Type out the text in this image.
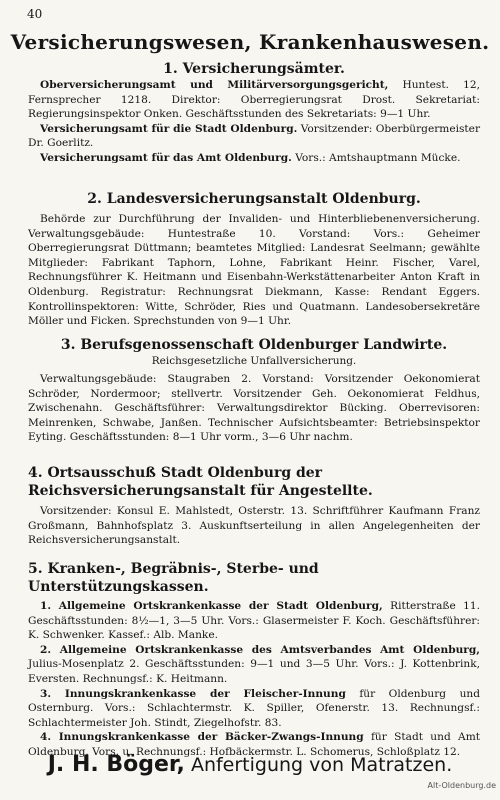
40
Versicherungswesen, Krankenhauswesen.

1. Versicherungsämter.

Oberversicherungsamt und Militärversorgungsgericht, Huntest. 12, Fernsprecher 1218. Direktor: Oberregierungsrat Drost. Sekretariat: Regierungsinspektor Onken. Geschäftsstunden des Sekretariats: 9—1 Uhr.

Versicherungsamt für die Stadt Oldenburg. Vorsitzender: Oberbürgermeister Dr. Goerlitz.

Versicherungsamt für das Amt Oldenburg. Vors.: Amtshauptmann Mücke.

2. Landesversicherungsanstalt Oldenburg.

Behörde zur Durchführung der Invaliden- und Hinterbliebenenversicherung. Verwaltungsgebäude: Huntestraße 10. Vorstand: Vors.: Geheimer Oberregierungsrat Düttmann; beamtetes Mitglied: Landesrat Seelmann; gewählte Mitglieder: Fabrikant Taphorn, Lohne, Fabrikant Heinr. Fischer, Varel, Rechnungsführer K. Heitmann und Eisenbahn-Werkstättenarbeiter Anton Kraft in Oldenburg. Registratur: Rechnungsrat Diekmann, Kasse: Rendant Eggers. Kontrollinspektoren: Witte, Schröder, Ries und Quatmann. Landesobersekretäre Möller und Ficken. Sprechstunden von 9—1 Uhr.

3. Berufsgenossenschaft Oldenburger Landwirte.

Reichsgesetzliche Unfallversicherung.

Verwaltungsgebäude: Staugraben 2. Vorstand: Vorsitzender Oekonomierat Schröder, Nordermoor; stellvertr. Vorsitzender Geh. Oekonomierat Feldhus, Zwischenahn. Geschäftsführer: Verwaltungsdirektor Bücking. Oberrevisoren: Meinrenken, Schwabe, Janßen. Technischer Aufsichtsbeamter: Betriebsinspektor Eyting. Geschäftsstunden: 8—1 Uhr vorm., 3—6 Uhr nachm.

4. Ortsausschuß Stadt Oldenburg der Reichsversicherungsanstalt für Angestellte.

Vorsitzender: Konsul E. Mahlstedt, Osterstr. 13. Schriftführer Kaufmann Franz Großmann, Bahnhofsplatz 3. Auskunftserteilung in allen Angelegenheiten der Reichsversicherungsanstalt.

5. Kranken-, Begräbnis-, Sterbe- und Unterstützungskassen.

1. Allgemeine Ortskrankenkasse der Stadt Oldenburg, Ritterstraße 11. Geschäftsstunden: 8½—1, 3—5 Uhr. Vors.: Glasermeister F. Koch. Geschäftsführer: K. Schwenker. Kassef.: Alb. Manke.

2. Allgemeine Ortskrankenkasse des Amtsverbandes Amt Oldenburg, Julius-Mosenplatz 2. Geschäftsstunden: 9—1 und 3—5 Uhr. Vors.: J. Kottenbrink, Eversten. Rechnungsf.: K. Heitmann.

3. Innungskrankenkasse der Fleischer-Innung für Oldenburg und Osternburg. Vors.: Schlachtermstr. K. Spiller, Ofenerstr. 13. Rechnungsf.: Schlachtermeister Joh. Stindt, Ziegelhofstr. 83.

4. Innungskrankenkasse der Bäcker-Zwangs-Innung für Stadt und Amt Oldenburg. Vors. u. Rechnungsf.: Hofbäckermstr. L. Schomerus, Schloßplatz 12.

J. H. Böger, Anfertigung von Matratzen.
Alt-Oldenburg.de
